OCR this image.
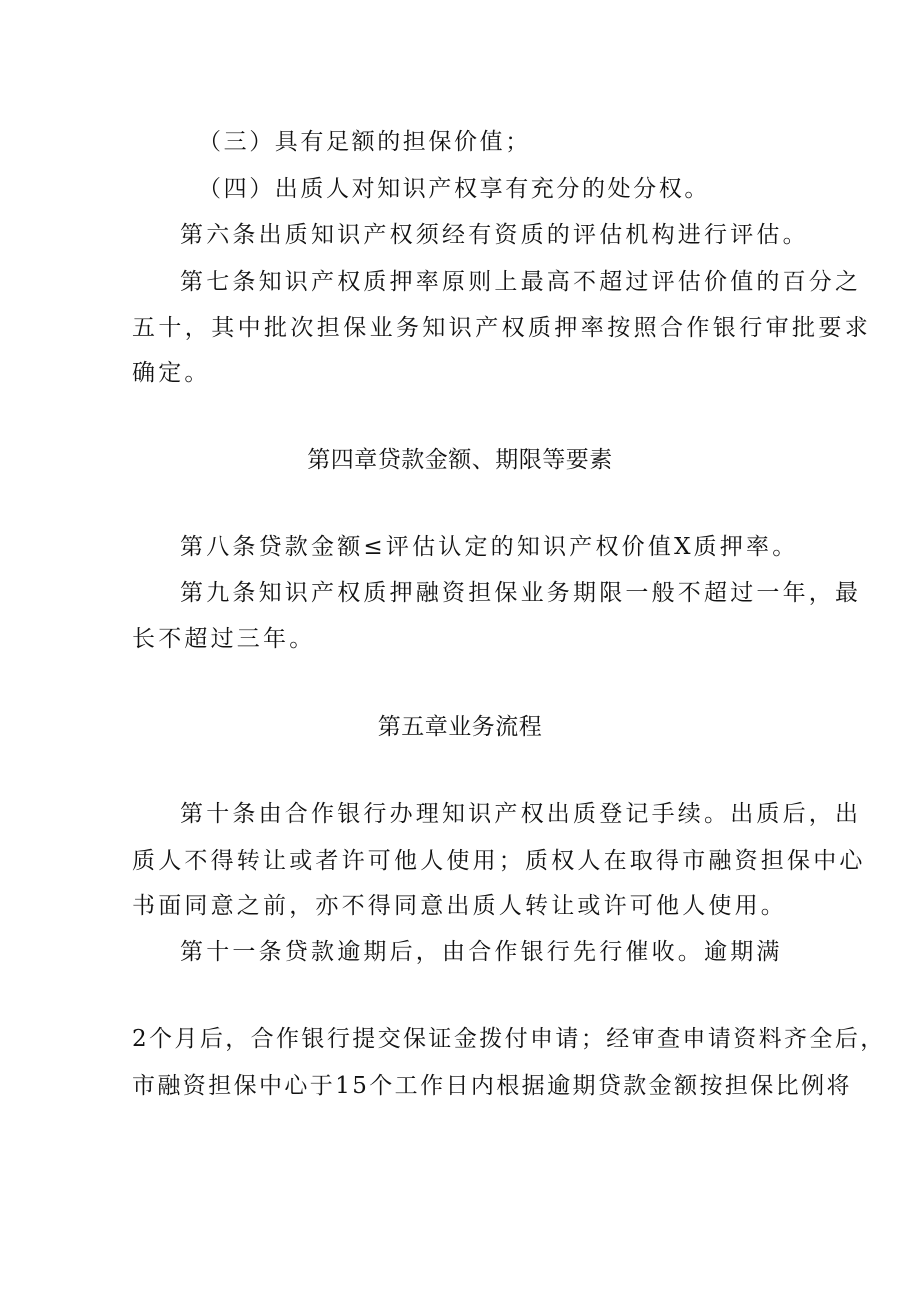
（三）具有足额的担保价值；
（四）出质人对知识产权享有充分的处分权。
第六条出质知识产权须经有资质的评估机构进行评估。
第七条知识产权质押率原则上最高不超过评估价值的百分之
五十，其中批次担保业务知识产权质押率按照合作银行审批要求
确定。
第四章贷款金额、期限等要素
第八条贷款金额≤评估认定的知识产权价值X质押率。
第九条知识产权质押融资担保业务期限一般不超过一年，最
长不超过三年。
第五章业务流程
第十条由合作银行办理知识产权出质登记手续。出质后，出
质人不得转让或者许可他人使用；质权人在取得市融资担保中心
书面同意之前，亦不得同意出质人转让或许可他人使用。
第十一条贷款逾期后，由合作银行先行催收。逾期满
2个月后，合作银行提交保证金拨付申请；经审查申请资料齐全后，
市融资担保中心于15个工作日内根据逾期贷款金额按担保比例将
